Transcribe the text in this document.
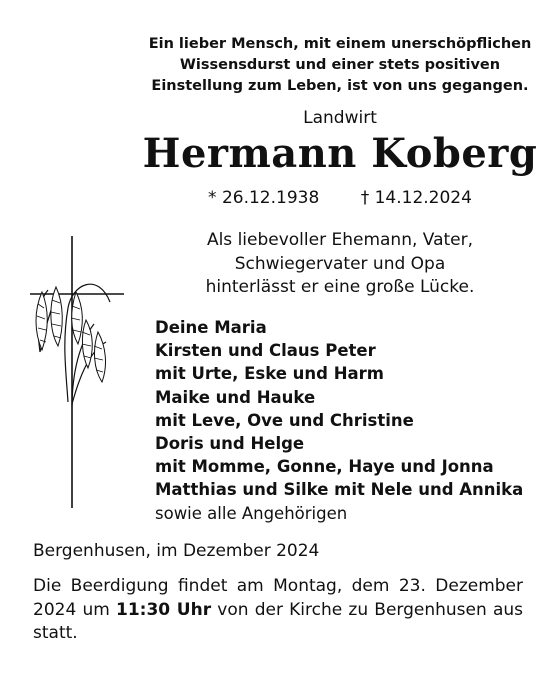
Ein lieber Mensch, mit einem unerschöpflichen
Wissensdurst und einer stets positiven
Einstellung zum Leben, ist von uns gegangen.
Landwirt
Hermann Koberg
* 26.12.1938 † 14.12.2024
Als liebevoller Ehemann, Vater,
Schwiegervater und Opa
hinterlässt er eine große Lücke.
Deine Maria
Kirsten und Claus Peter
mit Urte, Eske und Harm
Maike und Hauke
mit Leve, Ove und Christine
Doris und Helge
mit Momme, Gonne, Haye und Jonna
Matthias und Silke mit Nele und Annika
sowie alle Angehörigen
Bergenhusen, im Dezember 2024
Die Beerdigung findet am Montag, dem 23. Dezember 2024 um 11:30 Uhr von der Kirche zu Bergenhusen aus statt.
